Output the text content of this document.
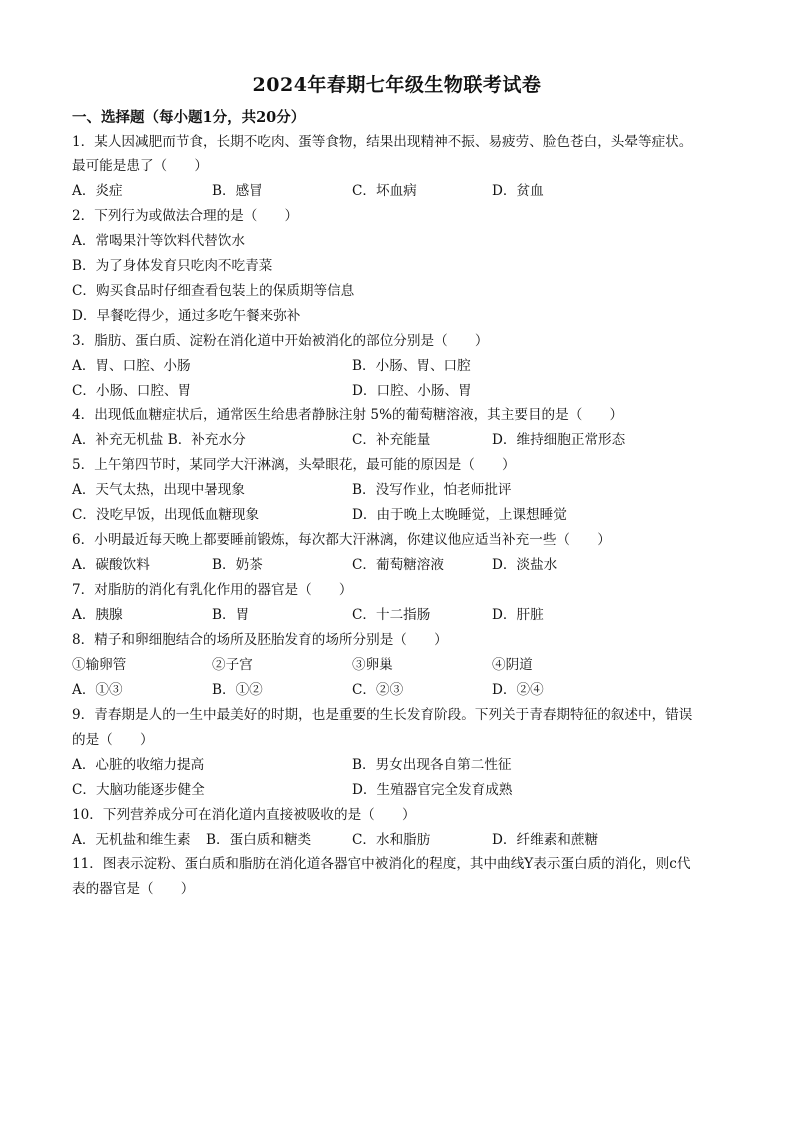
2024年春期七年级生物联考试卷
一、选择题（每小题1分，共20分）
1．某人因减肥而节食，长期不吃肉、蛋等食物，结果出现精神不振、易疲劳、脸色苍白，头晕等症状。
最可能是患了（　　）
A．炎症	B．感冒	C．坏血病	D．贫血
2．下列行为或做法合理的是（　　）
A．常喝果汁等饮料代替饮水
B．为了身体发育只吃肉不吃青菜
C．购买食品时仔细查看包装上的保质期等信息
D．早餐吃得少，通过多吃午餐来弥补
3．脂肪、蛋白质、淀粉在消化道中开始被消化的部位分别是（　　）
A．胃、口腔、小肠	B．小肠、胃、口腔
C．小肠、口腔、胃	D．口腔、小肠、胃
4．出现低血糖症状后，通常医生给患者静脉注射 5%的葡萄糖溶液，其主要目的是（　　）
A．补充无机盐 B．补充水分	C．补充能量	D．维持细胞正常形态
5．上午第四节时，某同学大汗淋漓，头晕眼花，最可能的原因是（　　）
A．天气太热，出现中暑现象	B．没写作业，怕老师批评
C．没吃早饭，出现低血糖现象	D．由于晚上太晚睡觉，上课想睡觉
6．小明最近每天晚上都要睡前锻炼，每次都大汗淋漓，你建议他应适当补充一些（　　）
A．碳酸饮料	B．奶茶	C．葡萄糖溶液	D．淡盐水
7．对脂肪的消化有乳化作用的器官是（　　）
A．胰腺	B．胃	C．十二指肠	D．肝脏
8．精子和卵细胞结合的场所及胚胎发育的场所分别是（　　）
①输卵管	②子宫	③卵巢	④阴道
A．①③	B．①②	C．②③	D．②④
9．青春期是人的一生中最美好的时期，也是重要的生长发育阶段。下列关于青春期特征的叙述中，错误
的是（　　）
A．心脏的收缩力提高	B．男女出现各自第二性征
C．大脑功能逐步健全	D．生殖器官完全发育成熟
10．下列营养成分可在消化道内直接被吸收的是（　　）
A．无机盐和维生素 B．蛋白质和糖类	C．水和脂肪	D．纤维素和蔗糖
11．图表示淀粉、蛋白质和脂肪在消化道各器官中被消化的程度，其中曲线Y表示蛋白质的消化，则c代
表的器官是（　　）
